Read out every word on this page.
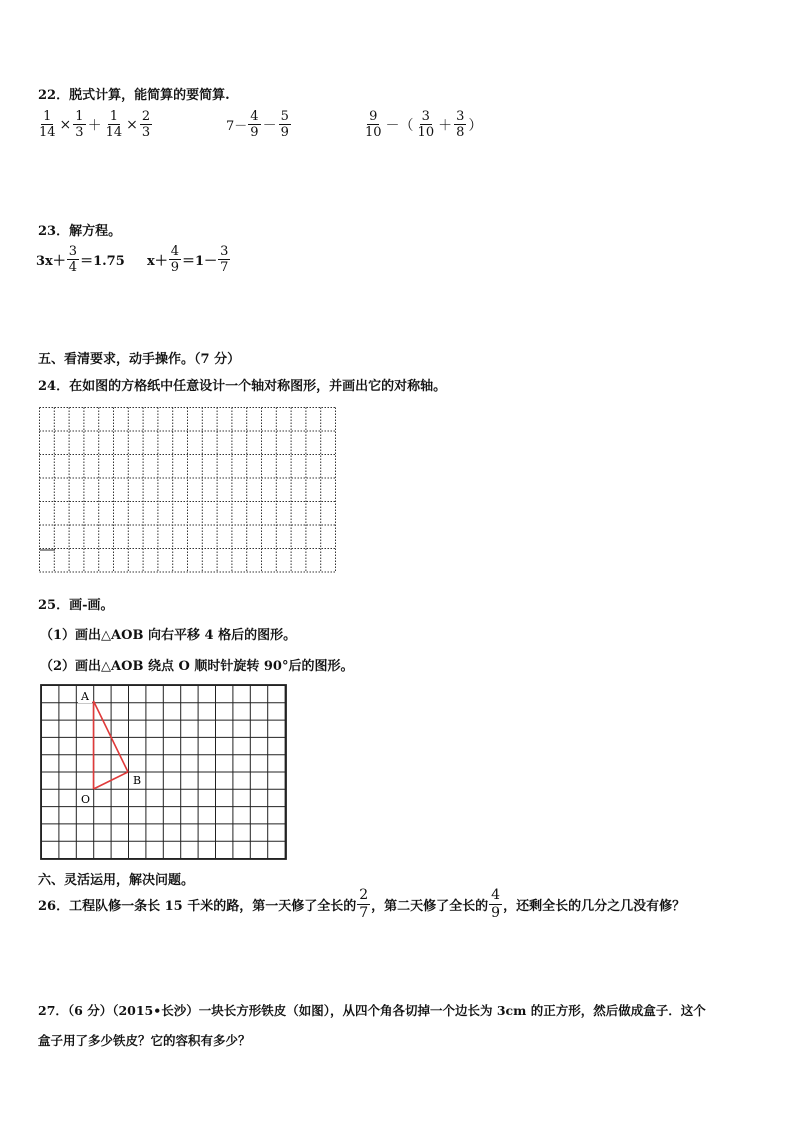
22．脱式计算，能简算的要简算.
$\frac{1}{14} \times \frac{1}{3} + \frac{1}{14} \times \frac{2}{3}$	$7- \frac{4}{9} - \frac{5}{9}$	$\frac{9}{10}$ －（ $\frac{3}{10} + \frac{3}{8}$ ）
23．解方程。
$3x+ \frac{3}{4} =1.75$ $x+ \frac{4}{9} =1- \frac{3}{7}$
五、看清要求，动手操作。（7 分）
24．在如图的方格纸中任意设计一个轴对称图形，并画出它的对称轴。
25．画-画。
（1）画出△AOB 向右平移 4 格后的图形。
（2）画出△AOB 绕点 O 顺时针旋转 90°后的图形。
A
B
O
六、灵活运用，解决问题。
26．工程队修一条长 15 千米的路，第一天修了全长的 $\frac{2}{7}$ ，第二天修了全长的 $\frac{4}{9}$ ，还剩全长的几分之几没有修？
27．（6 分）（2015•长沙）一块长方形铁皮（如图），从四个角各切掉一个边长为 3cm 的正方形，然后做成盒子．这个
盒子用了多少铁皮？它的容积有多少？
